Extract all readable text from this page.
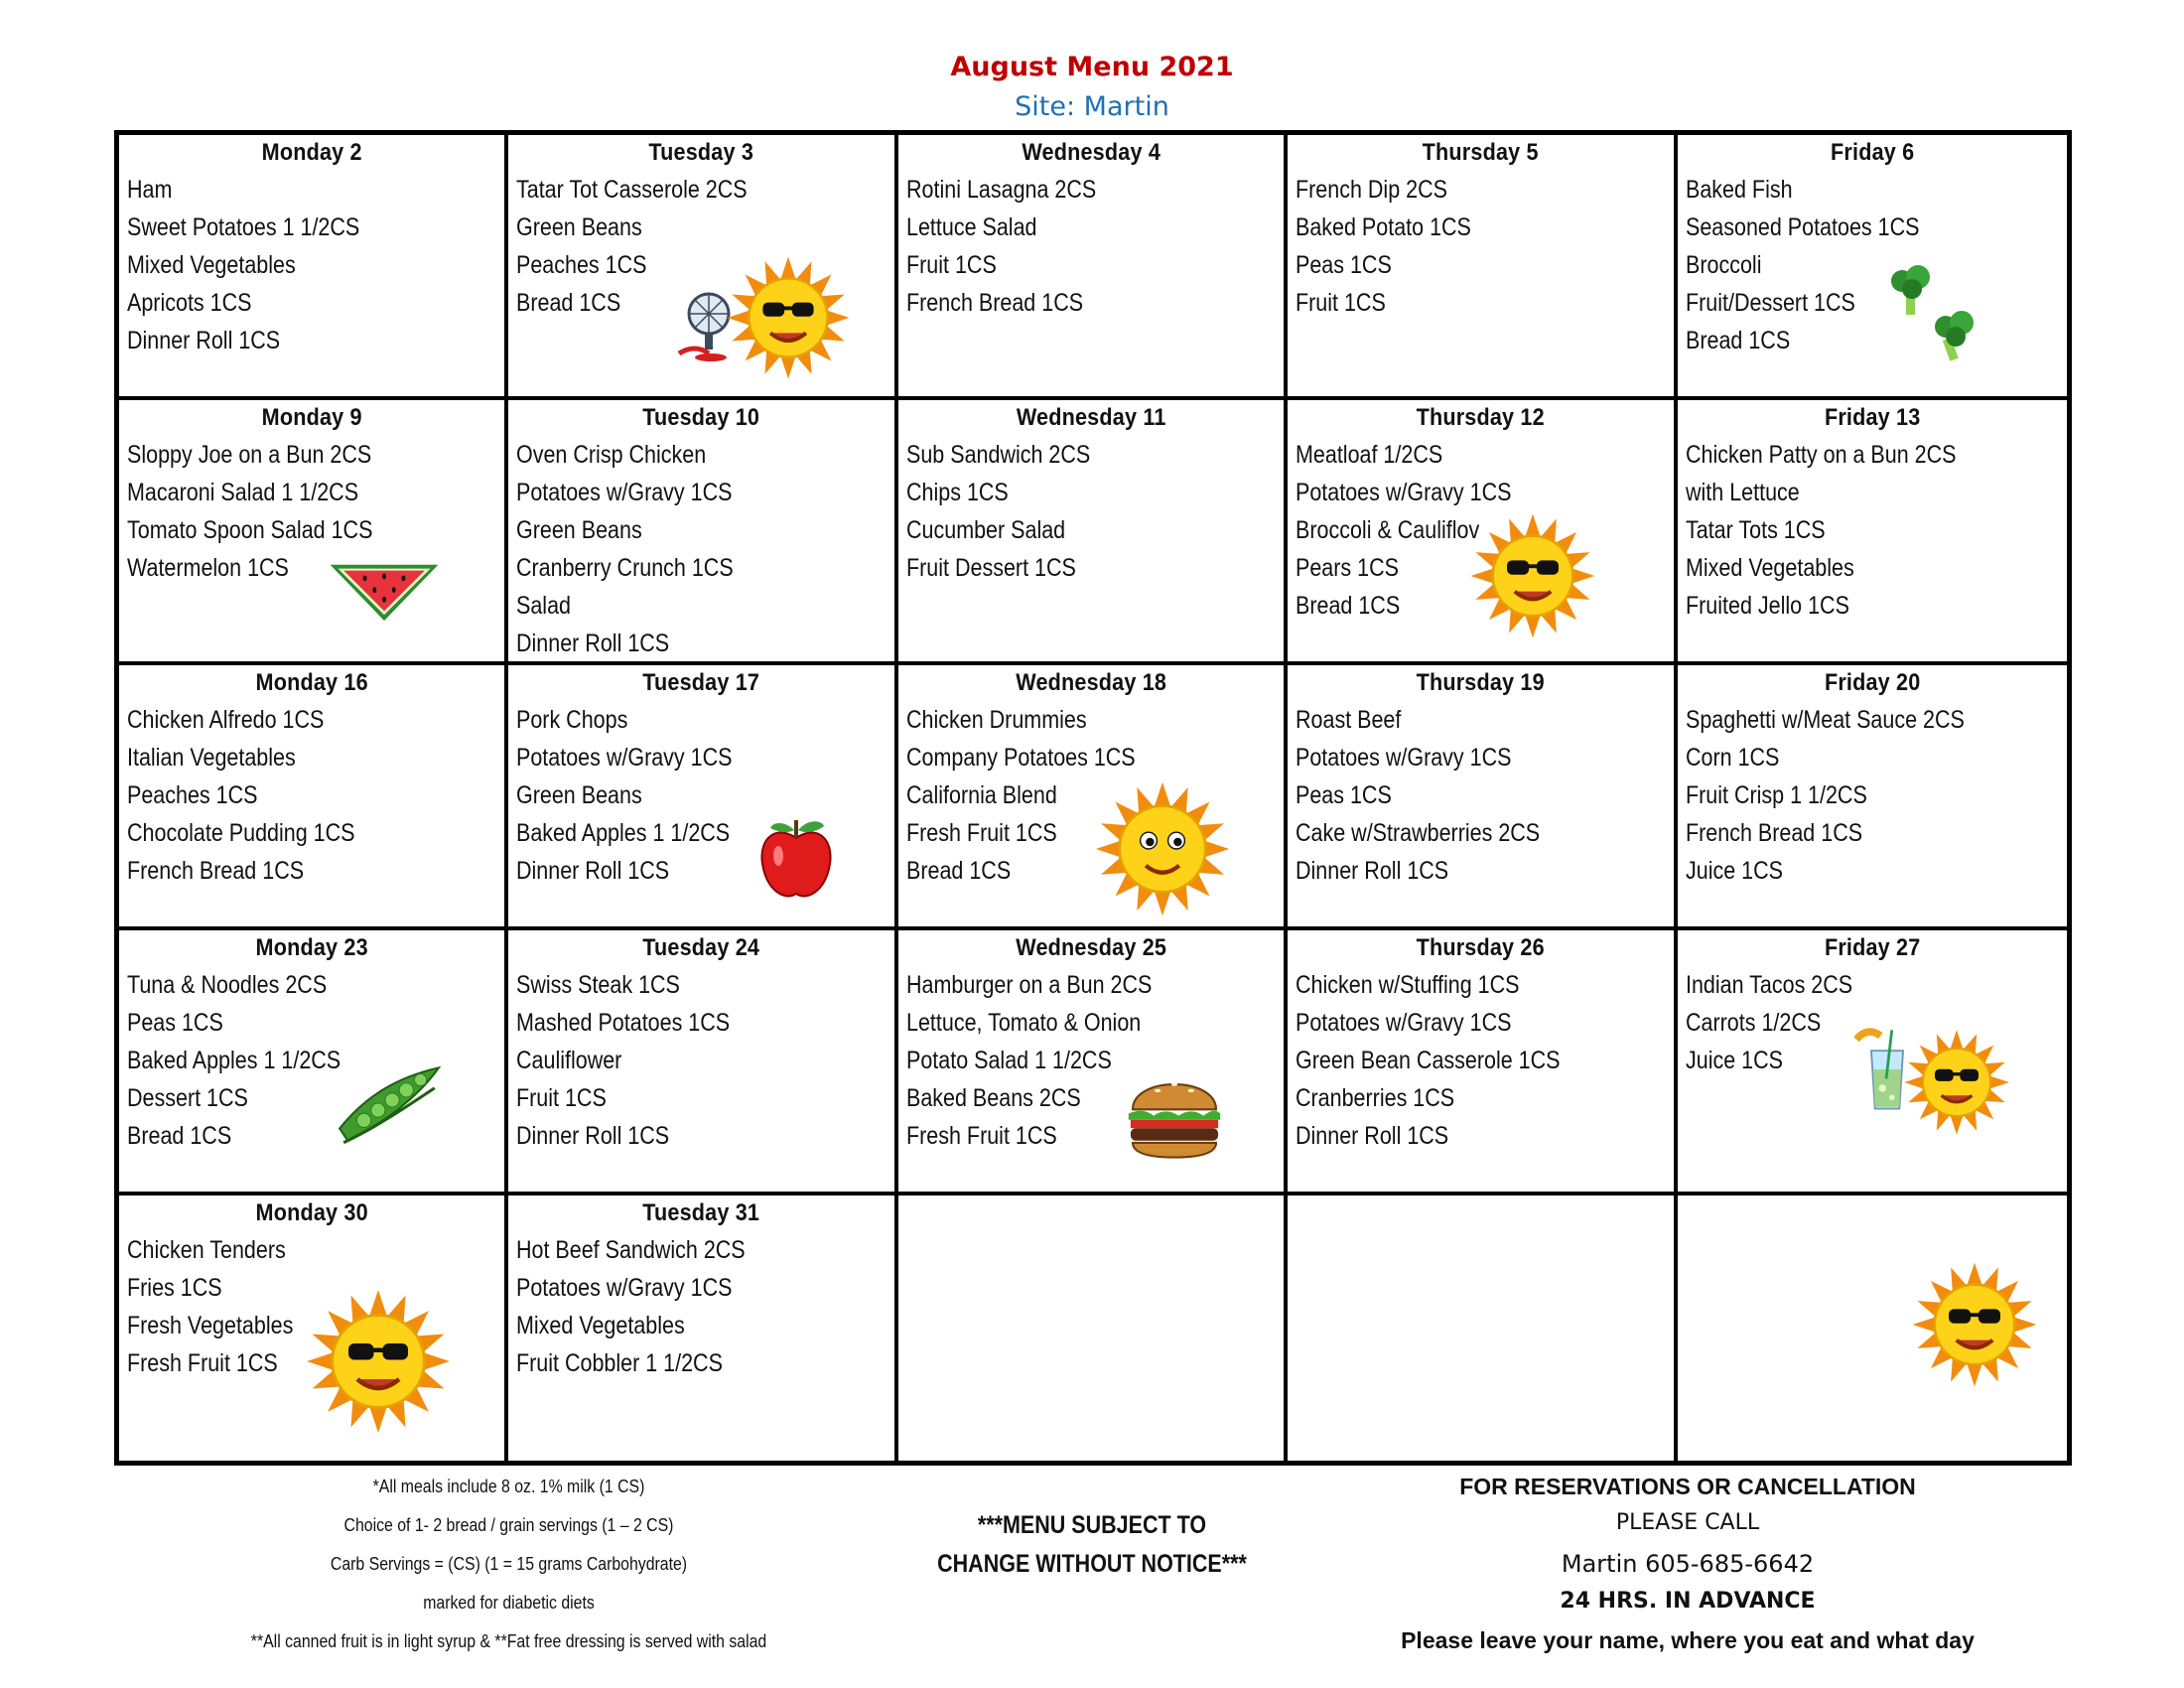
August Menu 2021
Site: Martin
Monday 2
Ham
Sweet Potatoes 1 1/2CS
Mixed Vegetables
Apricots 1CS
Dinner Roll 1CS
Tuesday 3
Tatar Tot Casserole 2CS
Green Beans
Peaches 1CS
Bread 1CS
Wednesday 4
Rotini Lasagna 2CS
Lettuce Salad
Fruit 1CS
French Bread 1CS
Thursday 5
French Dip 2CS
Baked Potato 1CS
Peas 1CS
Fruit 1CS
Friday 6
Baked Fish
Seasoned Potatoes 1CS
Broccoli
Fruit/Dessert 1CS
Bread 1CS
Monday 9
Sloppy Joe on a Bun 2CS
Macaroni Salad 1 1/2CS
Tomato Spoon Salad 1CS
Watermelon 1CS
Tuesday 10
Oven Crisp Chicken
Potatoes w/Gravy 1CS
Green Beans
Cranberry Crunch 1CS
Salad
Dinner Roll 1CS
Wednesday 11
Sub Sandwich 2CS
Chips 1CS
Cucumber Salad
Fruit Dessert 1CS
Thursday 12
Meatloaf 1/2CS
Potatoes w/Gravy 1CS
Broccoli & Cauliflov
Pears 1CS
Bread 1CS
Friday 13
Chicken Patty on a Bun 2CS
with Lettuce
Tatar Tots 1CS
Mixed Vegetables
Fruited Jello 1CS
Monday 16
Chicken Alfredo 1CS
Italian Vegetables
Peaches 1CS
Chocolate Pudding 1CS
French Bread 1CS
Tuesday 17
Pork Chops
Potatoes w/Gravy 1CS
Green Beans
Baked Apples 1 1/2CS
Dinner Roll 1CS
Wednesday 18
Chicken Drummies
Company Potatoes 1CS
California Blend
Fresh Fruit 1CS
Bread 1CS
Thursday 19
Roast Beef
Potatoes w/Gravy 1CS
Peas 1CS
Cake w/Strawberries 2CS
Dinner Roll 1CS
Friday 20
Spaghetti w/Meat Sauce 2CS
Corn 1CS
Fruit Crisp 1 1/2CS
French Bread 1CS
Juice 1CS
Monday 23
Tuna & Noodles 2CS
Peas 1CS
Baked Apples 1 1/2CS
Dessert 1CS
Bread 1CS
Tuesday 24
Swiss Steak 1CS
Mashed Potatoes 1CS
Cauliflower
Fruit 1CS
Dinner Roll 1CS
Wednesday 25
Hamburger on a Bun 2CS
Lettuce, Tomato & Onion
Potato Salad 1 1/2CS
Baked Beans 2CS
Fresh Fruit 1CS
Thursday 26
Chicken w/Stuffing 1CS
Potatoes w/Gravy 1CS
Green Bean Casserole 1CS
Cranberries 1CS
Dinner Roll 1CS
Friday 27
Indian Tacos 2CS
Carrots 1/2CS
Juice 1CS
Monday 30
Chicken Tenders
Fries 1CS
Fresh Vegetables
Fresh Fruit 1CS
Tuesday 31
Hot Beef Sandwich 2CS
Potatoes w/Gravy 1CS
Mixed Vegetables
Fruit Cobbler 1 1/2CS
*All meals include 8 oz. 1% milk (1 CS)
Choice of 1- 2 bread / grain servings (1 – 2 CS)
Carb Servings = (CS) (1 = 15 grams Carbohydrate)
marked for diabetic diets
**All canned fruit is in light syrup & **Fat free dressing is served with salad
***MENU SUBJECT TO
CHANGE WITHOUT NOTICE***
FOR RESERVATIONS OR CANCELLATION
PLEASE CALL
Martin 605-685-6642
24 HRS. IN ADVANCE
Please leave your name, where you eat and what day
